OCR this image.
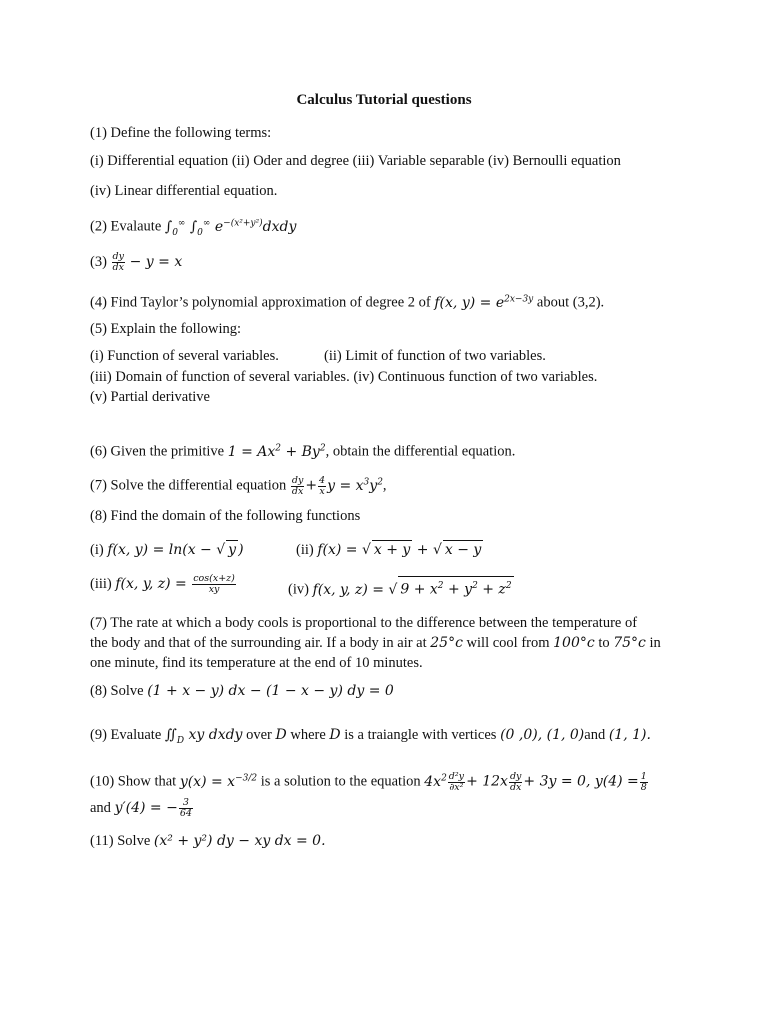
Calculus Tutorial questions
(1) Define the following terms:
(i) Differential equation (ii) Oder and degree (iii) Variable separable (iv) Bernoulli equation
(iv) Linear differential equation.
(2) Evalaute $\int_0^\infty$ $\int_0^\infty$ $e^{-(x^2+y^2)}dxdy$
$(3) \frac{dy}{dx} - y = x$
(4) Find Taylor’s polynomial approximation of degree 2 of f(x, $y) = e^{2x-3y}$ about (3,2).
(5) Explain the following:
(i) Function of several variables.	(ii) Limit of function of two variables.
(iii) Domain of function of several variables. (iv) Continuous function of two variables.
(v) Partial derivative
(6) Given the primitive $1 = Ax^2 + By^2$, obtain the differential equation.
(7) Solve the differential equation $\frac{dy}{dx} + \frac{4}{x}$ $y = x^3y^2$,
(8) Find the domain of the following functions
(i) f(x, y) = ln(x − √ y )	(ii) f(x) = √ x + y + √ x − y
(iii) f(x, y, $z) = \frac{\cos(x+z)}{xy}$	(iv) f(x, y, z) = √ $9 + x^2 + y^2 + z^2$
(7) The rate at which a body cools is proportional to the difference between the temperature of
the body and that of the surrounding air. If a body in air at 25°c will cool from 100°c to 75°c in
one minute, find its temperature at the end of 10 minutes.
(8) Solve (1 + x − y) dx − (1 − x − y) dy = 0
(9) Evaluate $∬_D$ xy dxdy over D where D is a traiangle with vertices (0 ,0), (1, 0)and (1, 1).
(10) Show that $y(x) = x^{-3/2}$ is a solution to the equation $4x^2 \frac{\text{d²y}}{\text{∂x²}} + 12x \frac{dy}{dx} + 3y = 0$, $y(4) = \frac{1}{8}$
and y′(4) = − $\frac{3}{64}$
(11) Solve (x² + y²) dy − xy dx = 0.
